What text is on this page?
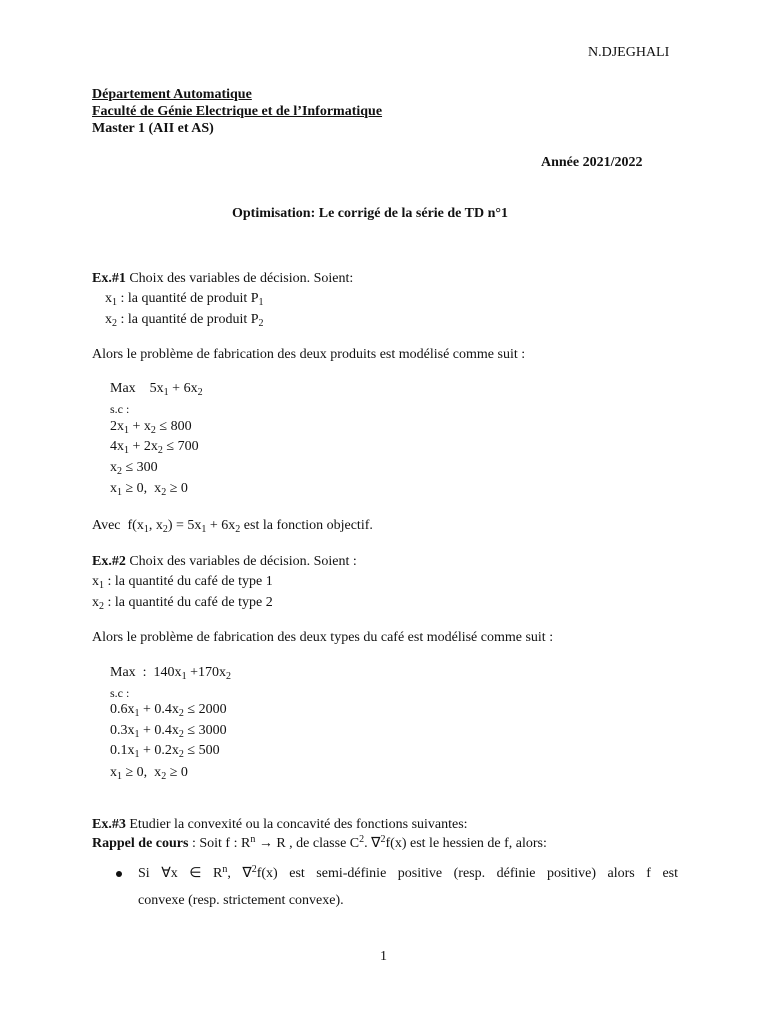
N.DJEGHALI
Département Automatique
Faculté de Génie Electrique et de l’Informatique
Master 1 (AII et AS)
Année 2021/2022
Optimisation: Le corrigé de la série de TD n°1
Ex.#1 Choix des variables de décision. Soient:
$x_1$ : la quantité de produit $P_1$
$x_2$ : la quantité de produit $P_2$
Alors le problème de fabrication des deux produits est modélisé comme suit :
Max    $5x_1 + 6x_2$
s.c :
$2x_1 + x_2 \le 800$
$4x_1 + 2x_2 \le 700$
$x_2 \le 300$
$x_1 \ge 0$,  $x_2 \ge 0$
Avec  $f(x_1$, $x_2) = 5x_1 + 6x_2$ est la fonction objectif.
Ex.#2 Choix des variables de décision. Soient :
$x_1$ : la quantité du café de type 1
$x_2$ : la quantité du café de type 2
Alors le problème de fabrication des deux types du café est modélisé comme suit :
Max  :  $140x_1 +170x_2$
s.c :
$0.6x_1 + 0.4x_2 \le 2000$
$0.3x_1 + 0.4x_2 \le 3000$
$0.1x_1 + 0.2x_2 \le 500$
$x_1 \ge 0$,  $x_2 \ge 0$
Ex.#3 Etudier la convexité ou la concavité des fonctions suivantes:
Rappel de cours : Soit f : $R^n \to R$ , de classe $C^2$. ∇$^2$f(x) est le hessien de f, alors:
Si ∀x ∈ $R^n$, ∇$^2$f(x) est semi-définie positive (resp. définie positive) alors f est
convexe (resp. strictement convexe).
1
